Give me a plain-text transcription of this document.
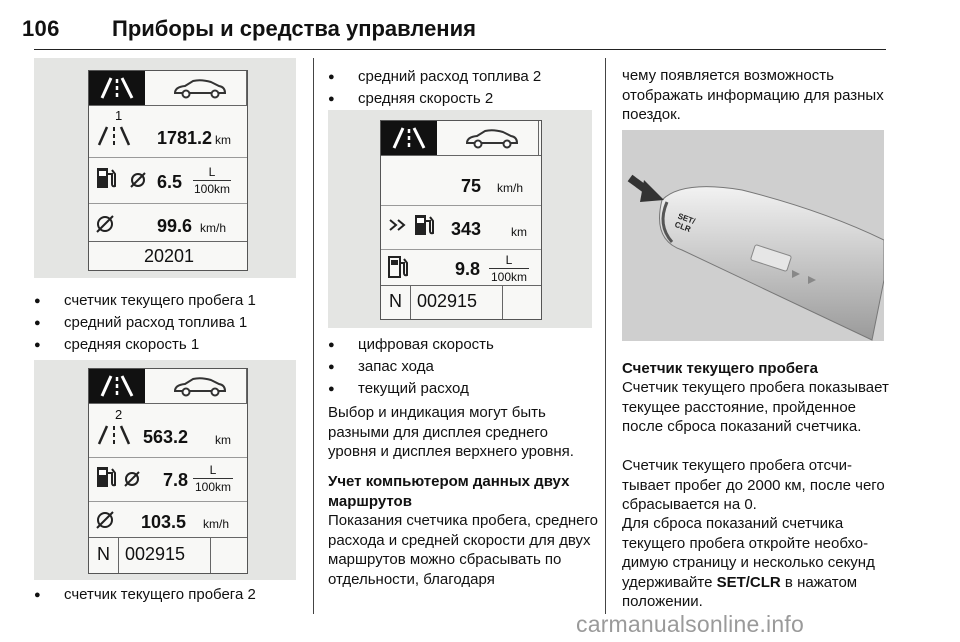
106 Приборы и средства управления
1
1781.2 km
6.5	L
100km
99.6 km/h
20201
● счетчик текущего пробега 1
● средний расход топлива 1
● средняя скорость 1
2
563.2 km
7.8	L
100km
103.5 km/h
N 002915
● счетчик текущего пробега 2
● средний расход топлива 2
● средняя скорость 2
75 km/h
343 km
9.8	L
100km
N 002915
● цифровая скорость
● запас хода
● текущий расход
Выбор и индикация могут быть разными для дисплея среднего уровня и дисплея верхнего уровня.
Учет компьютером данных двух маршрутов
Показания счетчика пробега, среднего расхода и средней скорости для двух маршрутов можно сбрасывать по отдельности, благодаря
чему появляется возможность отображать информацию для разных поездок.
SET/
CLR
Счетчик текущего пробега
Счетчик текущего пробега показывает текущее расстояние, пройденное после сброса показаний счетчика.
Счетчик текущего пробега отсчитывает пробег до 2000 км, после чего сбрасывается на 0.
Для сброса показаний счетчика текущего пробега откройте необходимую страницу и несколько секунд удерживайте SET/CLR в нажатом положении.
carmanualsonline.info
